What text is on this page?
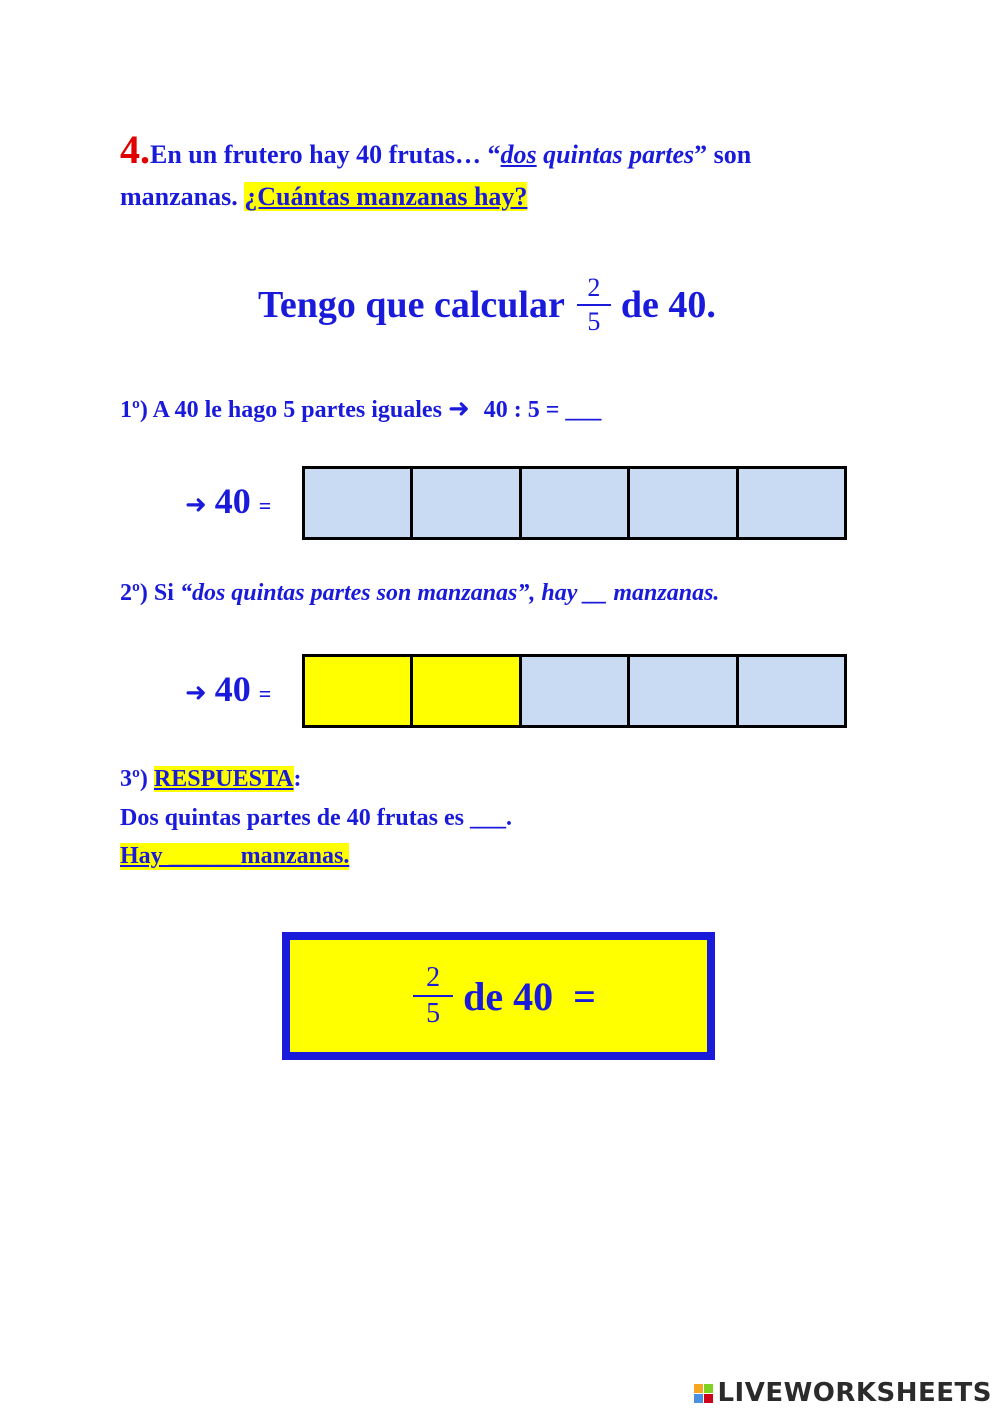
4.En un frutero hay 40 frutas… “dos quintas partes” son
manzanas. ¿Cuántas manzanas hay?
Tengo que calcular $\frac{2}{5}$ de 40.
1º) A 40 le hago 5 partes iguales ➜ 40 : 5 = ___
➜ 40 =
2º) Si “dos quintas partes son manzanas”, hay __ manzanas.
➜ 40 =
3º) RESPUESTA:
Dos quintas partes de 40 frutas es ___.
Hay ______manzanas.
$\frac{2}{5}$ de 40  =
LIVEWORKSHEETS
